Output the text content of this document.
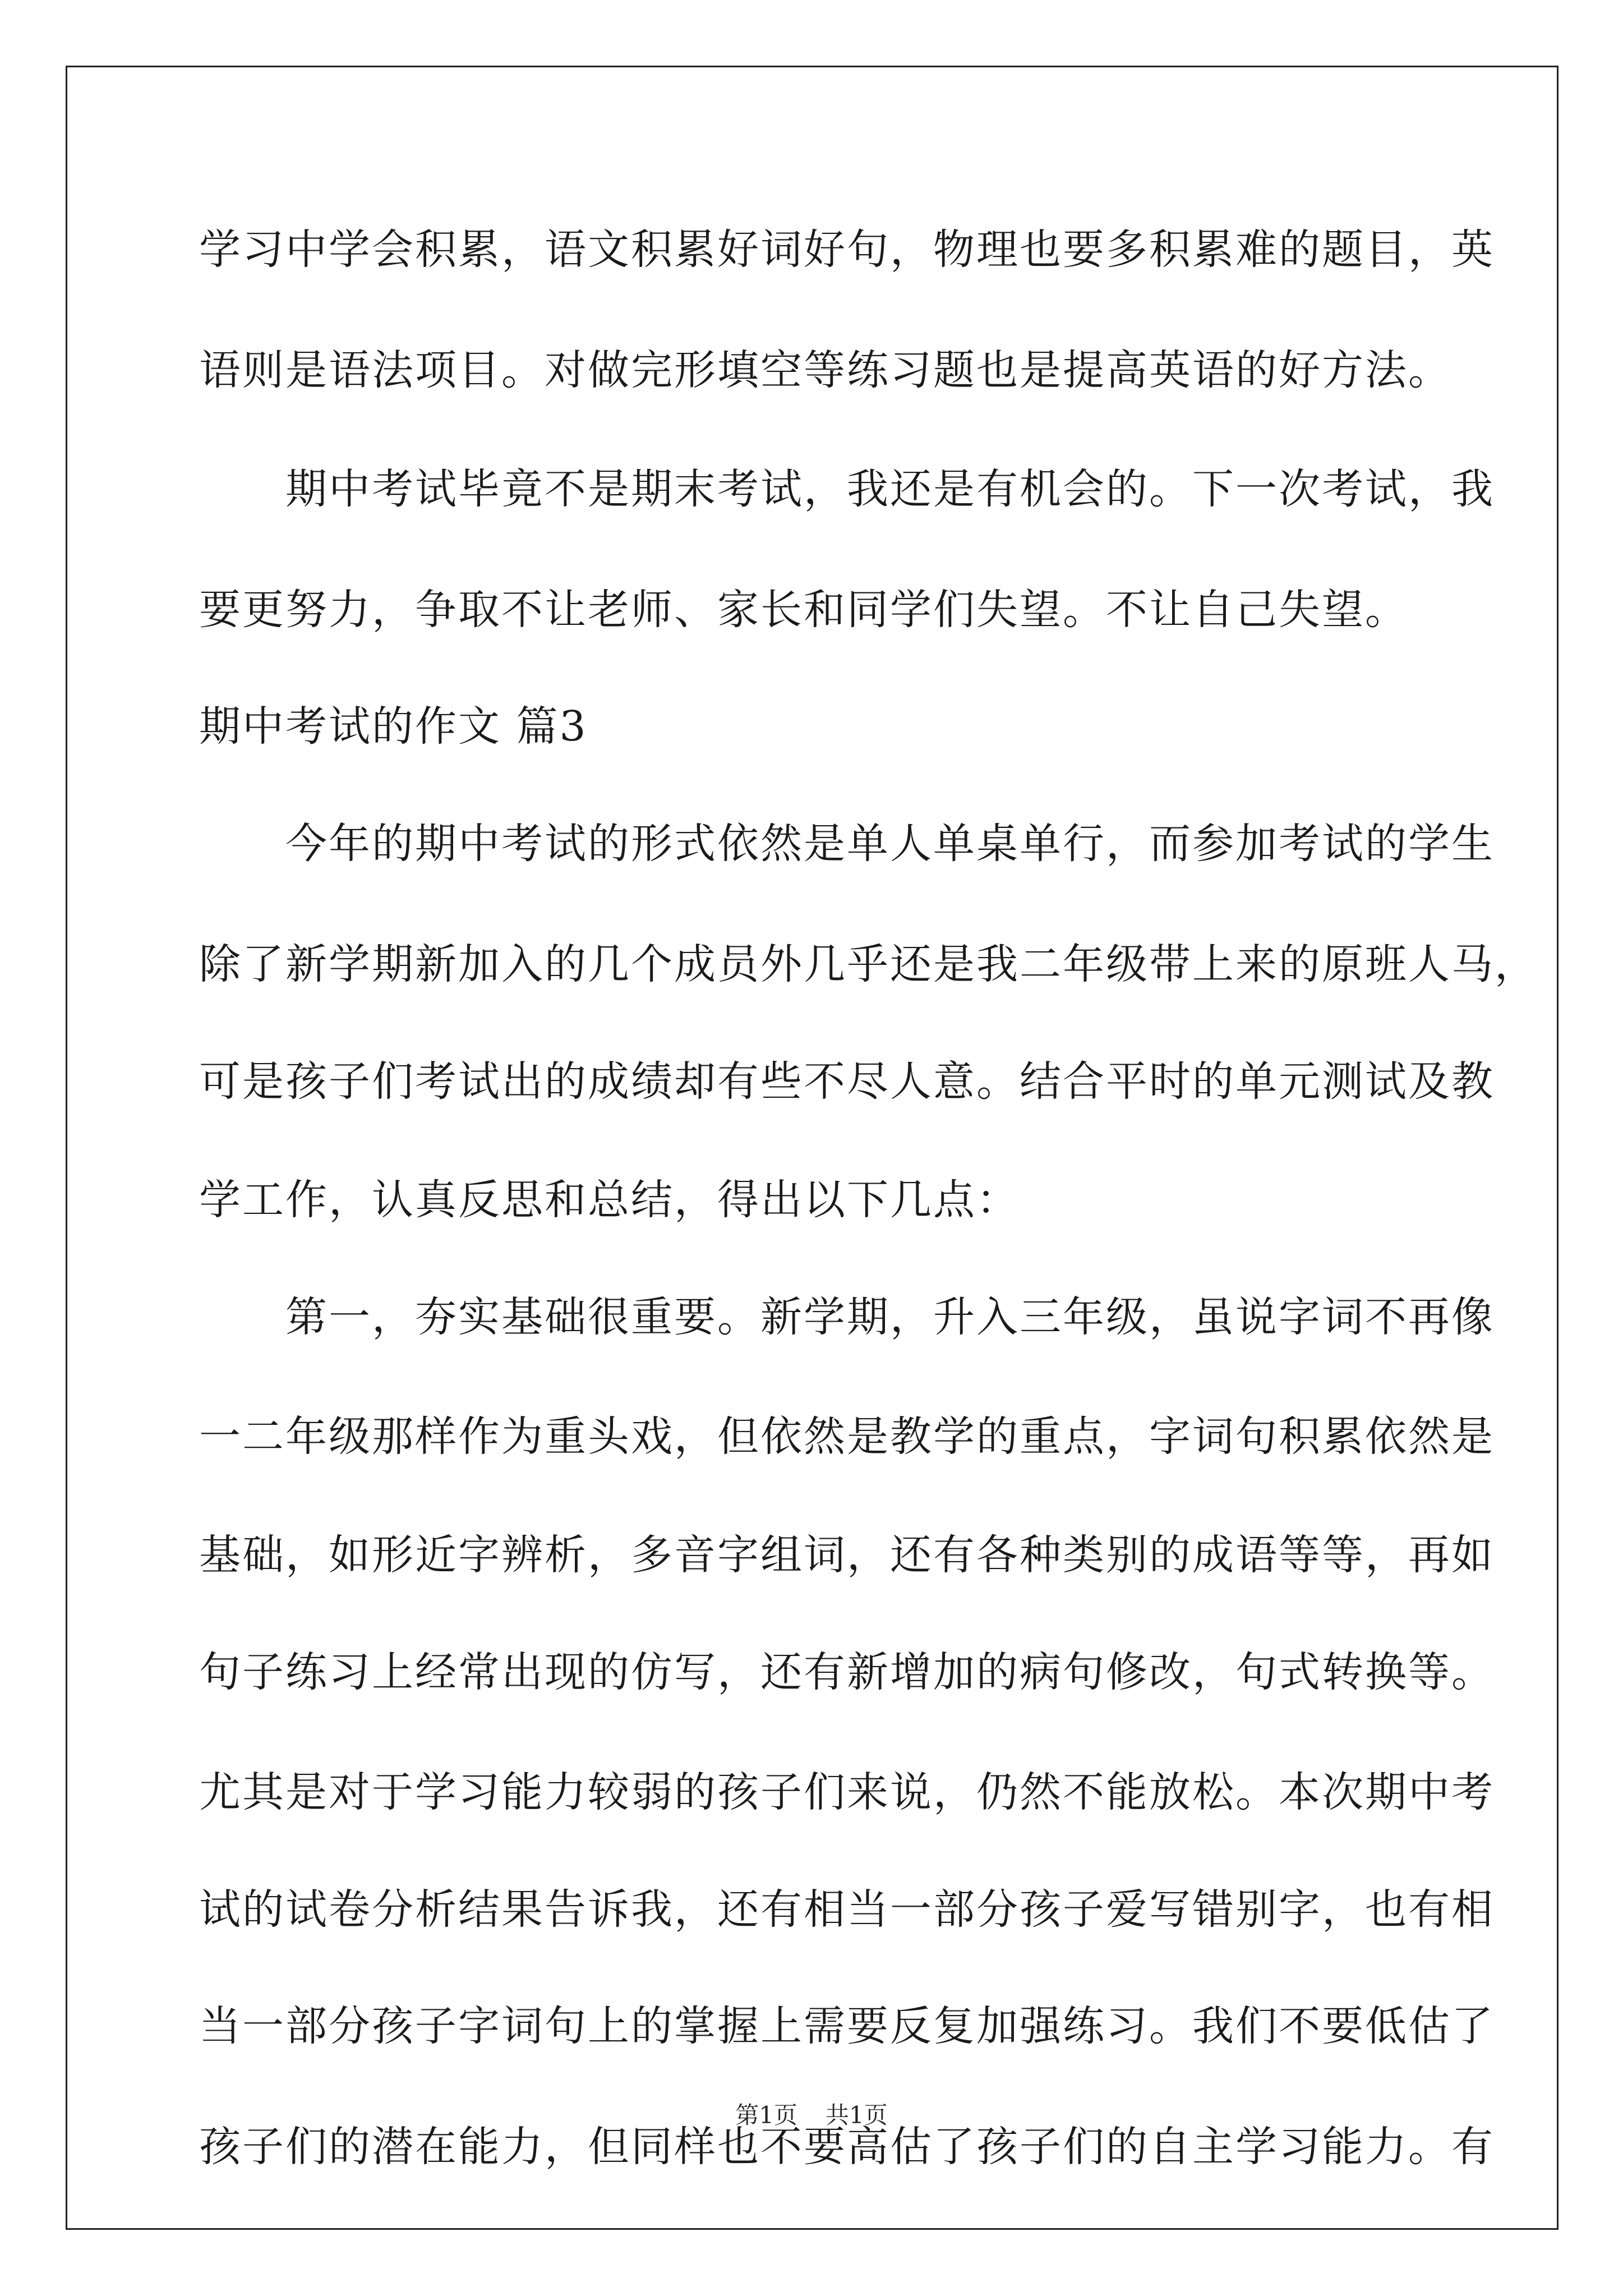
学习中学会积累，语文积累好词好句，物理也要多积累难的题目，英
语则是语法项目。对做完形填空等练习题也是提高英语的好方法。
　　期中考试毕竟不是期末考试，我还是有机会的。下一次考试，我
要更努力，争取不让老师、家长和同学们失望。不让自己失望。
期中考试的作文 篇3
　　今年的期中考试的形式依然是单人单桌单行，而参加考试的学生
除了新学期新加入的几个成员外几乎还是我二年级带上来的原班人马，
可是孩子们考试出的成绩却有些不尽人意。结合平时的单元测试及教
学工作，认真反思和总结，得出以下几点：
　　第一，夯实基础很重要。新学期，升入三年级，虽说字词不再像
一二年级那样作为重头戏，但依然是教学的重点，字词句积累依然是
基础，如形近字辨析，多音字组词，还有各种类别的成语等等，再如
句子练习上经常出现的仿写，还有新增加的病句修改，句式转换等。
尤其是对于学习能力较弱的孩子们来说，仍然不能放松。本次期中考
试的试卷分析结果告诉我，还有相当一部分孩子爱写错别字，也有相
当一部分孩子字词句上的掌握上需要反复加强练习。我们不要低估了
孩子们的潜在能力，但同样也不要高估了孩子们的自主学习能力。有
第1页 共1页
